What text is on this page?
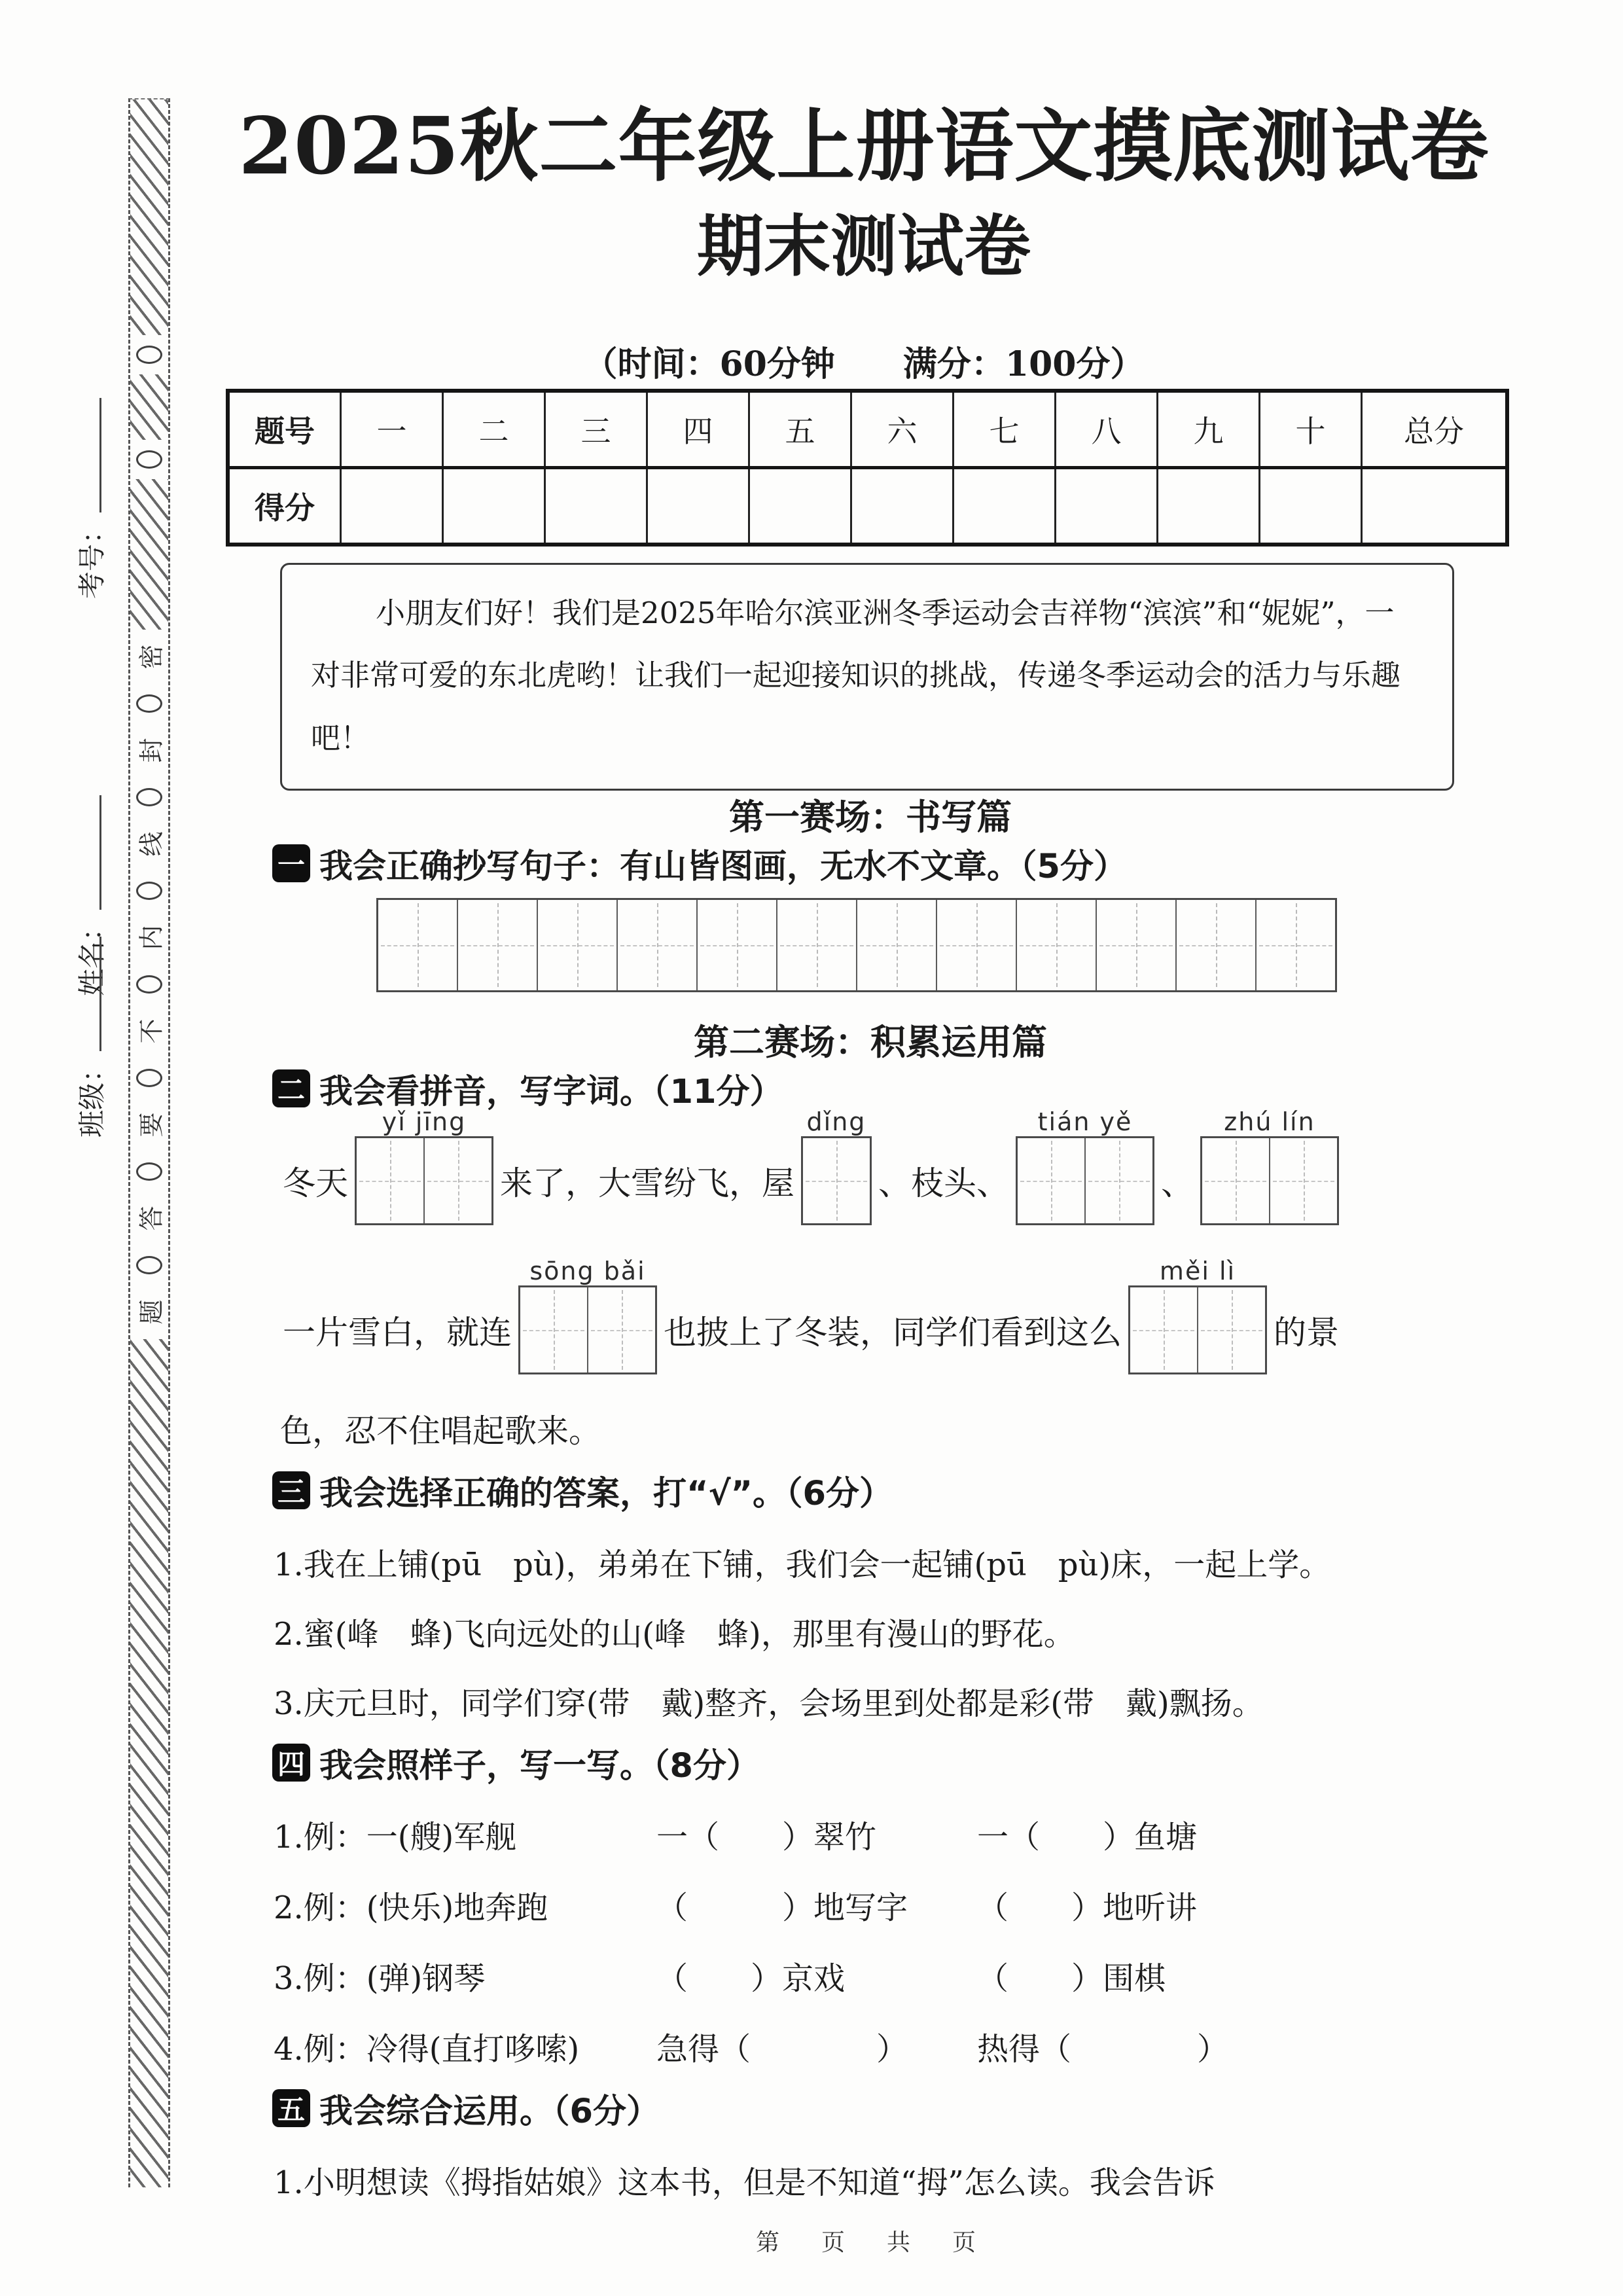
密
封
线
内
不
要
答
题
考号：
姓名：
班级：
2025秋二年级上册语文摸底测试卷
期末测试卷
（时间：60分钟　　满分：100分）
题号	一	二	三	四	五	六	七	八	九	十	总分
得分											

小朋友们好！我们是2025年哈尔滨亚洲冬季运动会吉祥物“滨滨”和“妮妮”，一对非常可爱的东北虎哟！让我们一起迎接知识的挑战，传递冬季运动会的活力与乐趣吧！

第一赛场：书写篇
一 我会正确抄写句子：有山皆图画，无水不文章。（5分）
第二赛场：积累运用篇
二 我会看拼音，写字词。（11分）
冬天
yǐ jīng
来了，大雪纷飞，屋
dǐng
、枝头、
tián yě
、
zhú lín
一片雪白，就连
sōng bǎi
也披上了冬装，同学们看到这么
měi lì
的景
色，忍不住唱起歌来。
三 我会选择正确的答案，打“√”。（6分）
1.我在上铺(pū　pù)，弟弟在下铺，我们会一起铺(pū　pù)床，一起上学。
2.蜜(峰　蜂)飞向远处的山(峰　蜂)，那里有漫山的野花。
3.庆元旦时，同学们穿(带　戴)整齐，会场里到处都是彩(带　戴)飘扬。
四 我会照样子，写一写。（8分）
1.例：一(艘)军舰	一（　　）翠竹	一（　　）鱼塘
2.例：(快乐)地奔跑	（　　　）地写字	（　　）地听讲
3.例：(弹)钢琴	（　　）京戏	（　　）围棋
4.例：冷得(直打哆嗦)	急得（　　　　）	热得（　　　　）
五 我会综合运用。（6分）
1.小明想读《拇指姑娘》这本书，但是不知道“拇”怎么读。我会告诉
第　页　共　页
